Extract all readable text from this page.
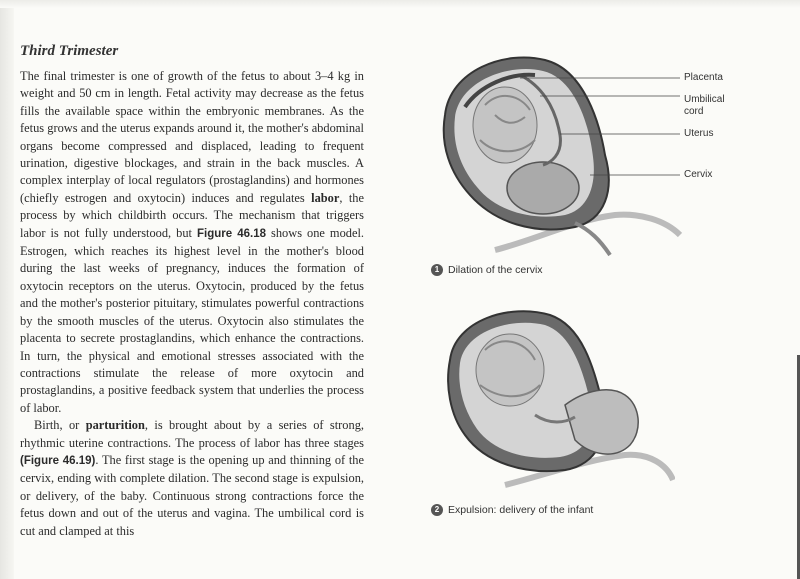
Third Trimester
The final trimester is one of growth of the fetus to about 3–4 kg in weight and 50 cm in length. Fetal activity may decrease as the fetus fills the available space within the embryonic membranes. As the fetus grows and the uterus expands around it, the mother's abdominal organs become compressed and displaced, leading to frequent urination, digestive blockages, and strain in the back muscles. A complex interplay of local regulators (prostaglandins) and hormones (chiefly estrogen and oxytocin) induces and regulates labor, the process by which childbirth occurs. The mechanism that triggers labor is not fully understood, but Figure 46.18 shows one model. Estrogen, which reaches its highest level in the mother's blood during the last weeks of pregnancy, induces the formation of oxytocin receptors on the uterus. Oxytocin, produced by the fetus and the mother's posterior pituitary, stimulates powerful contractions by the smooth muscles of the uterus. Oxytocin also stimulates the placenta to secrete prostaglandins, which enhance the contractions. In turn, the physical and emotional stresses associated with the contractions stimulate the release of more oxytocin and prostaglandins, a positive feedback system that underlies the process of labor.
Birth, or parturition, is brought about by a series of strong, rhythmic uterine contractions. The process of labor has three stages (Figure 46.19). The first stage is the opening up and thinning of the cervix, ending with complete dilation. The second stage is expulsion, or delivery, of the baby. Continuous strong contractions force the fetus down and out of the uterus and vagina. The umbilical cord is cut and clamped at this
Placenta
Umbilical cord
Uterus
Cervix
1 Dilation of the cervix
2 Expulsion: delivery of the infant
